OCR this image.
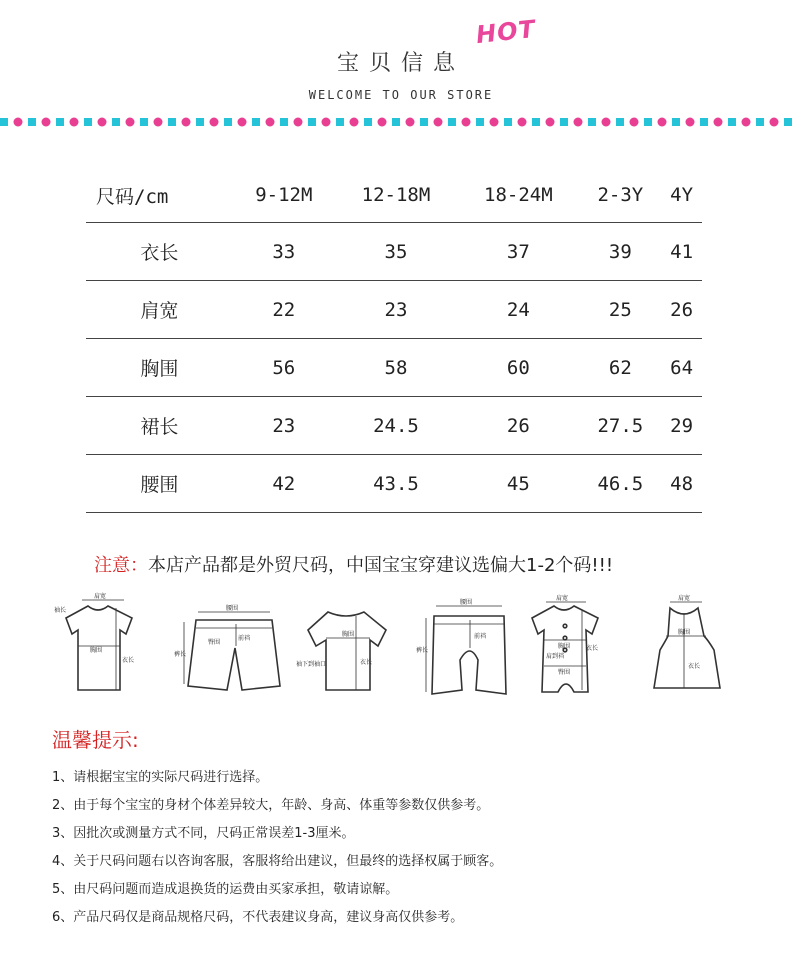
宝贝信息
HOT
WELCOME TO OUR STORE
尺码/cm	9-12M	12-18M	18-24M	2-3Y	4Y
衣长	33	35	37	39	41
肩宽	22	23	24	25	26
胸围	56	58	60	62	64
裙长	23	24.5	26	27.5	29
腰围	42	43.5	45	46.5	48
注意：本店产品都是外贸尺码，中国宝宝穿建议选偏大1-2个码!!!
肩宽
袖长
胸围
衣长
腰围
臀围
裤长
前裆
胸围
衣长
袖下到袖口
腰围
裤长
前裆
肩宽
衣长
胸围
臀围
肩到裆
肩宽
胸围
衣长
温馨提示:
1、请根据宝宝的实际尺码进行选择。
2、由于每个宝宝的身材个体差异较大，年龄、身高、体重等参数仅供参考。
3、因批次或测量方式不同，尺码正常误差1-3厘米。
4、关于尺码问题右以咨询客服，客服将给出建议，但最终的选择权属于顾客。
5、由尺码问题而造成退换货的运费由买家承担，敬请谅解。
6、产品尺码仅是商品规格尺码，不代表建议身高，建议身高仅供参考。
